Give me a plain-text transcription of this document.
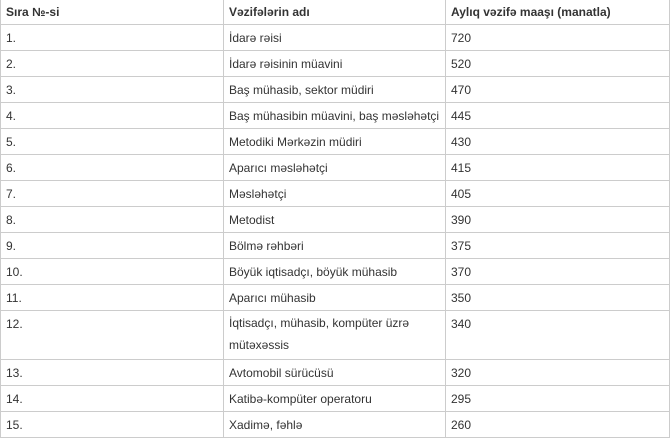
Sıra №-si	Vəzifələrin adı	Aylıq vəzifə maaşı (manatla)
1.	İdarə rəisi	720
2.	İdarə rəisinin müavini	520
3.	Baş mühasib, sektor müdiri	470
4.	Baş mühasibin müavini, baş məsləhətçi	445
5.	Metodiki Mərkəzin müdiri	430
6.	Aparıcı məsləhətçi	415
7.	Məsləhətçi	405
8.	Metodist	390
9.	Bölmə rəhbəri	375
10.	Böyük iqtisadçı, böyük mühasib	370
11.	Aparıcı mühasib	350
12.	İqtisadçı, mühasib, kompüter üzrə mütəxəssis	340
13.	Avtomobil sürücüsü	320
14.	Katibə-kompüter operatoru	295
15.	Xadimə, fəhlə	260
